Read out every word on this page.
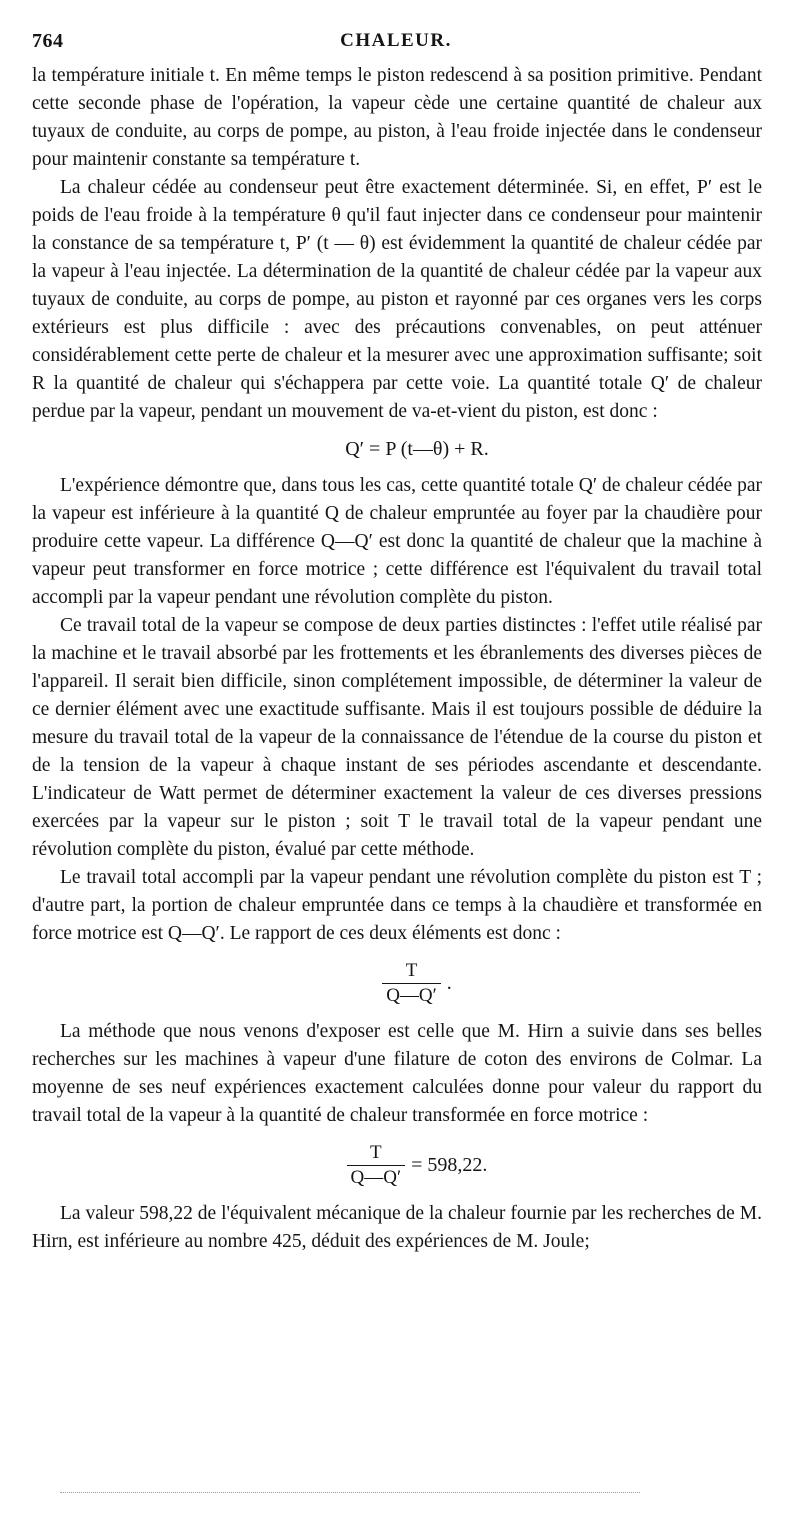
764	CHALEUR.

la température initiale t. En même temps le piston redescend à sa position primitive. Pendant cette seconde phase de l'opération, la vapeur cède une certaine quantité de chaleur aux tuyaux de conduite, au corps de pompe, au piston, à l'eau froide injectée dans le condenseur pour maintenir constante sa température t.

La chaleur cédée au condenseur peut être exactement déterminée. Si, en effet, P′ est le poids de l'eau froide à la température θ qu'il faut injecter dans ce condenseur pour maintenir la constance de sa température t, P′ (t — θ) est évidemment la quantité de chaleur cédée par la vapeur à l'eau injectée. La détermination de la quantité de chaleur cédée par la vapeur aux tuyaux de conduite, au corps de pompe, au piston et rayonné par ces organes vers les corps extérieurs est plus difficile : avec des précautions convenables, on peut atténuer considérablement cette perte de chaleur et la mesurer avec une approximation suffisante; soit R la quantité de chaleur qui s'échappera par cette voie. La quantité totale Q′ de chaleur perdue par la vapeur, pendant un mouvement de va-et-vient du piston, est donc :

Q′ = P (t—θ) + R.

L'expérience démontre que, dans tous les cas, cette quantité totale Q′ de chaleur cédée par la vapeur est inférieure à la quantité Q de chaleur empruntée au foyer par la chaudière pour produire cette vapeur. La différence Q—Q′ est donc la quantité de chaleur que la machine à vapeur peut transformer en force motrice ; cette différence est l'équivalent du travail total accompli par la vapeur pendant une révolution complète du piston.

Ce travail total de la vapeur se compose de deux parties distinctes : l'effet utile réalisé par la machine et le travail absorbé par les frottements et les ébranlements des diverses pièces de l'appareil. Il serait bien difficile, sinon complétement impossible, de déterminer la valeur de ce dernier élément avec une exactitude suffisante. Mais il est toujours possible de déduire la mesure du travail total de la vapeur de la connaissance de l'étendue de la course du piston et de la tension de la vapeur à chaque instant de ses périodes ascendante et descendante. L'indicateur de Watt permet de déterminer exactement la valeur de ces diverses pressions exercées par la vapeur sur le piston ; soit T le travail total de la vapeur pendant une révolution complète du piston, évalué par cette méthode.

Le travail total accompli par la vapeur pendant une révolution complète du piston est T ; d'autre part, la portion de chaleur empruntée dans ce temps à la chaudière et transformée en force motrice est Q—Q′. Le rapport de ces deux éléments est donc :

$\frac{T}{Q—Q'}$ .

La méthode que nous venons d'exposer est celle que M. Hirn a suivie dans ses belles recherches sur les machines à vapeur d'une filature de coton des environs de Colmar. La moyenne de ses neuf expériences exactement calculées donne pour valeur du rapport du travail total de la vapeur à la quantité de chaleur transformée en force motrice :

$\frac{T}{Q—Q'} = 598,22$.

La valeur 598,22 de l'équivalent mécanique de la chaleur fournie par les recherches de M. Hirn, est inférieure au nombre 425, déduit des expériences de M. Joule;
